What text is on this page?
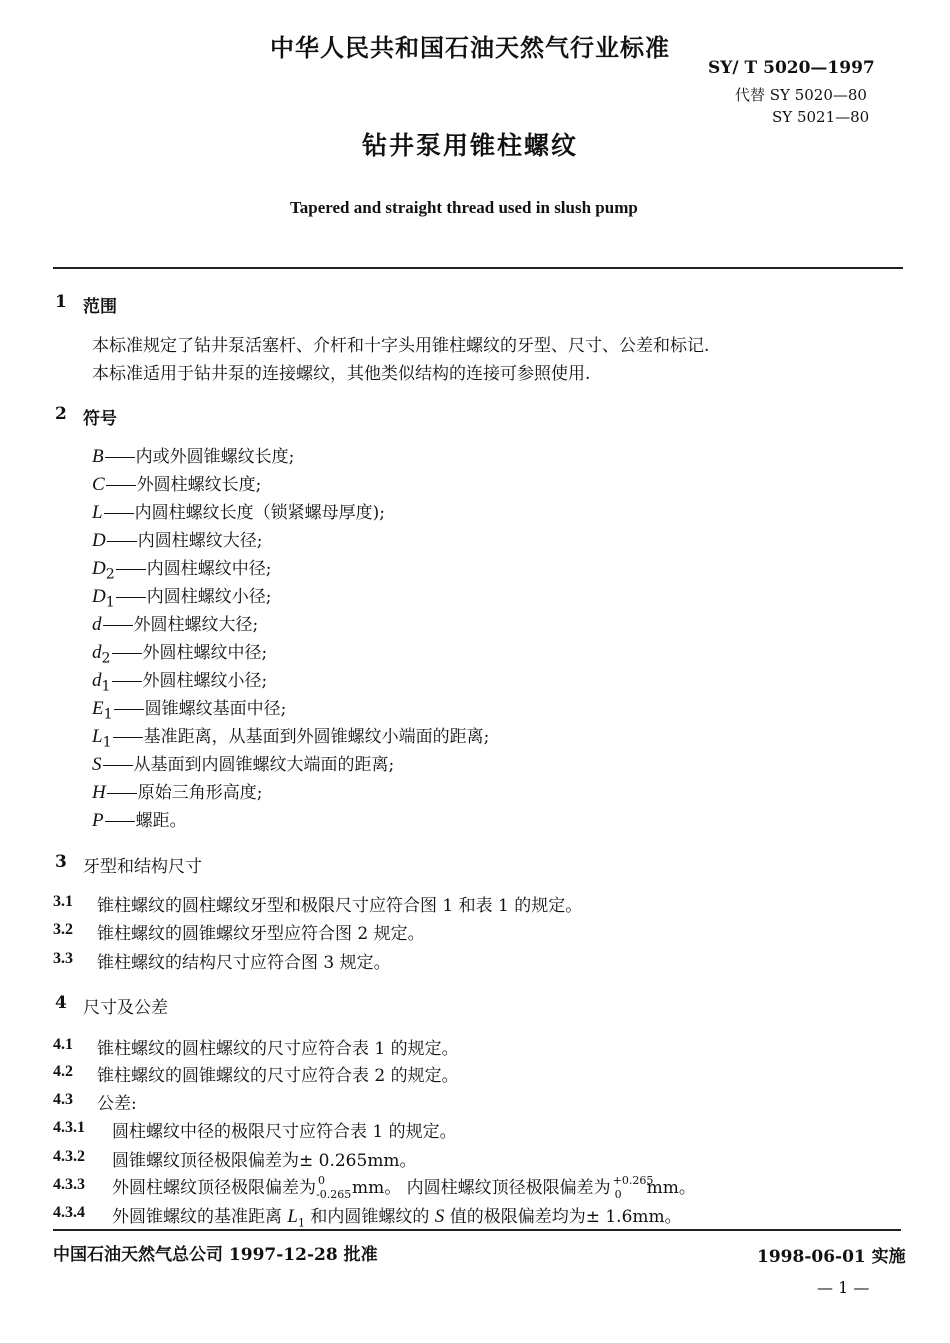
中华人民共和国石油天然气行业标准
SY/ T 5020—1997
代替 SY 5020—80
SY 5021—80
钻井泵用锥柱螺纹
Tapered and straight thread used in slush pump
1 范围
本标准规定了钻井泵活塞杆、介杆和十字头用锥柱螺纹的牙型、尺寸、公差和标记.
本标准适用于钻井泵的连接螺纹，其他类似结构的连接可参照使用.
2 符号
B 内或外圆锥螺纹长度;
C 外圆柱螺纹长度;
L 内圆柱螺纹长度（锁紧螺母厚度);
D 内圆柱螺纹大径;
$D_2$ 内圆柱螺纹中径;
$D_1$ 内圆柱螺纹小径;
d 外圆柱螺纹大径;
$d_2$ 外圆柱螺纹中径;
$d_1$ 外圆柱螺纹小径;
$E_1$ 圆锥螺纹基面中径;
$L_1$ 基准距离，从基面到外圆锥螺纹小端面的距离;
S 从基面到内圆锥螺纹大端面的距离;
H 原始三角形高度;
P 螺距。
3 牙型和结构尺寸
3.1 锥柱螺纹的圆柱螺纹牙型和极限尺寸应符合图 1 和表 1 的规定。
3.2 锥柱螺纹的圆锥螺纹牙型应符合图 2 规定。
3.3 锥柱螺纹的结构尺寸应符合图 3 规定。
4 尺寸及公差
4.1 锥柱螺纹的圆柱螺纹的尺寸应符合表 1 的规定。
4.2 锥柱螺纹的圆锥螺纹的尺寸应符合表 2 的规定。
4.3 公差:
4.3.1 圆柱螺纹中径的极限尺寸应符合表 1 的规定。
4.3.2 圆锥螺纹顶径极限偏差为± 0.265mm。
4.3.3 外圆柱螺纹顶径极限偏差为 0
-0.265 mm。 内圆柱螺纹顶径极限偏差为 +0.265
0 mm。
4.3.4 外圆锥螺纹的基准距离 $L_1$ 和内圆锥螺纹的 S 值的极限偏差均为± 1.6mm。
中国石油天然气总公司 1997-12-28 批准	1998-06-01 实施
— 1 —
